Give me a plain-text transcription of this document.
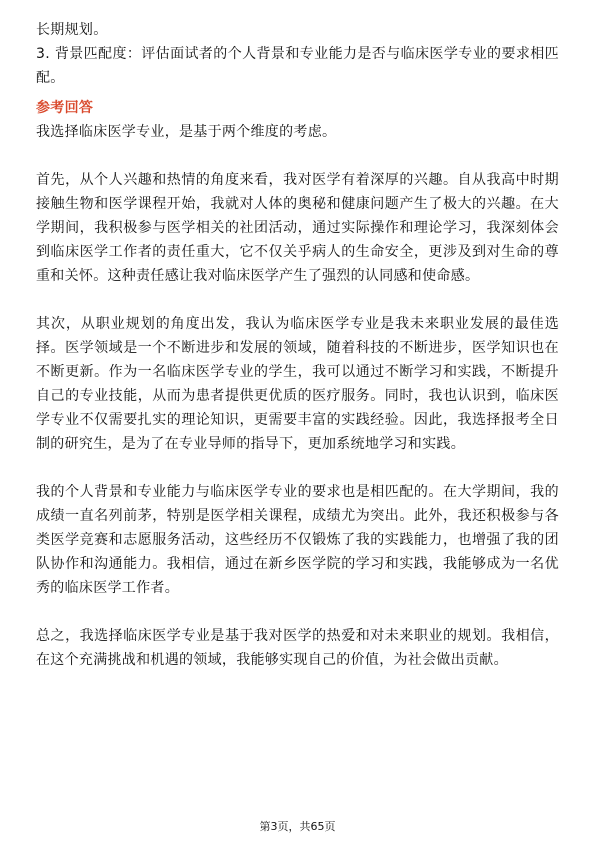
长期规划。

3. 背景匹配度：评估面试者的个人背景和专业能力是否与临床医学专业的要求相匹配。

参考回答

我选择临床医学专业，是基于两个维度的考虑。

首先，从个人兴趣和热情的角度来看，我对医学有着深厚的兴趣。自从我高中时期接触生物和医学课程开始，我就对人体的奥秘和健康问题产生了极大的兴趣。在大学期间，我积极参与医学相关的社团活动，通过实际操作和理论学习，我深刻体会到临床医学工作者的责任重大，它不仅关乎病人的生命安全，更涉及到对生命的尊重和关怀。这种责任感让我对临床医学产生了强烈的认同感和使命感。

其次，从职业规划的角度出发，我认为临床医学专业是我未来职业发展的最佳选择。医学领域是一个不断进步和发展的领域，随着科技的不断进步，医学知识也在不断更新。作为一名临床医学专业的学生，我可以通过不断学习和实践，不断提升自己的专业技能，从而为患者提供更优质的医疗服务。同时，我也认识到，临床医学专业不仅需要扎实的理论知识，更需要丰富的实践经验。因此，我选择报考全日制的研究生，是为了在专业导师的指导下，更加系统地学习和实践。

我的个人背景和专业能力与临床医学专业的要求也是相匹配的。在大学期间，我的成绩一直名列前茅，特别是医学相关课程，成绩尤为突出。此外，我还积极参与各类医学竞赛和志愿服务活动，这些经历不仅锻炼了我的实践能力，也增强了我的团队协作和沟通能力。我相信，通过在新乡医学院的学习和实践，我能够成为一名优秀的临床医学工作者。

总之，我选择临床医学专业是基于我对医学的热爱和对未来职业的规划。我相信，在这个充满挑战和机遇的领域，我能够实现自己的价值，为社会做出贡献。

第3页，共65页
